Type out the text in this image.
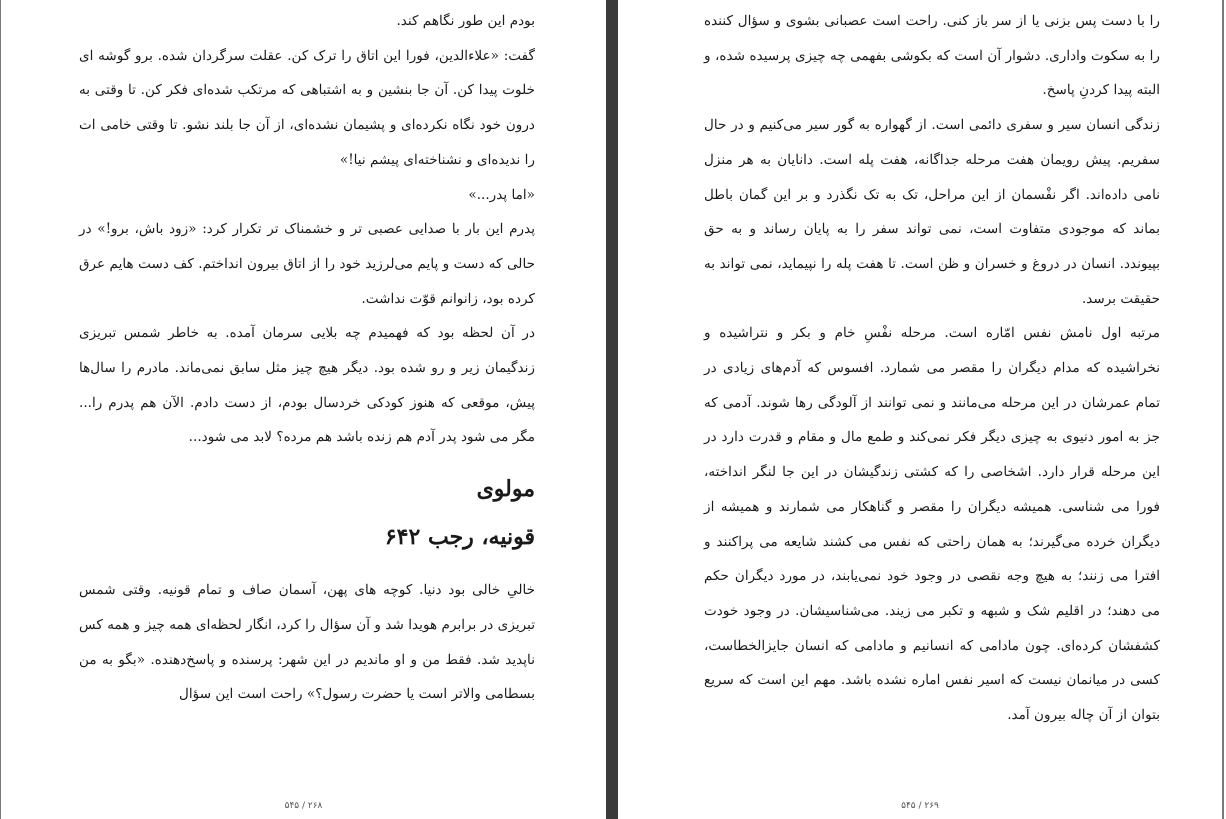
بودم این طور نگاهم کند.

گفت: «علاءالدین، فورا این اتاق را ترک کن. عقلت سرگردان شده. برو گوشه ای خلوت پیدا کن. آن جا بنشین و به اشتباهی که مرتکب شده‌ای فکر کن. تا وقتی به درون خود نگاه نکرده‌ای و پشیمان نشده‌ای، از آن جا بلند نشو. تا وقتی خامی ات را ندیده‌ای و نشناخته‌ای پیشم نیا!»

«اما پدر...»

پدرم این بار با صدایی عصبی تر و خشمناک تر تکرار کرد: «زود باش، برو!» در حالی که دست و پایم می‌لرزید خود را از اتاق بیرون انداختم. کف دست هایم عرق کرده بود، زانوانم قوّت نداشت.

در آن لحظه بود که فهمیدم چه بلایی سرمان آمده. به خاطر شمس تبریزی زندگیمان زیر و رو شده بود. دیگر هیچ چیز مثل سابق نمی‌ماند. مادرم را سال‌ها پیش، موقعی که هنوز کودکی خردسال بودم، از دست دادم. الآن هم پدرم را... مگر می شود پدر آدم هم زنده باشد هم مرده؟ لابد می شود...

مولوی
قونیه، رجب ۶۴۲

خالیِ خالی بود دنیا. کوچه‌ های پهن، آسمان صاف و تمام قونیه. وقتی شمس تبریزی در برابرم هویدا شد و آن سؤال را کرد، انگار لحظه‌ای همه چیز و همه کس ناپدید شد. فقط من و او ماندیم در این شهر: پرسنده و پاسخ‌دهنده. «بگو به من بسطامی والاتر است یا حضرت رسول؟» راحت است این سؤال

۵۴۵ / ۲۶۸

را با دست پس بزنی یا از سر باز کنی. راحت است عصبانی بشوی و سؤال کننده را به سکوت واداری. دشوار آن است که بکوشی بفهمی چه چیزی پرسیده شده، و البته پیدا کردنِ پاسخ.

زندگی انسان سیر و سفری دائمی است. از گهواره به گور سیر می‌کنیم و در حال سفریم. پیش رویمان هفت مرحله جداگانه، هفت پله است. دانایان به هر منزل نامی داده‌اند. اگر نفْسمان از این مراحل، تک به تک نگذرد و بر این گمان باطل بماند که موجودی متفاوت است، نمی تواند سفر را به پایان رساند و به حق بپیوندد. انسان در دروغ و خسران و ظن است. تا هفت پله را نپیماید، نمی تواند به حقیقت برسد.

مرتبه اول نامش نفس امّاره است. مرحله نفْسِ خام و بکر و نتراشیده و نخراشیده که مدام دیگران را مقصر می شمارد. افسوس که آدم‌های زیادی در تمام عمرشان در این مرحله می‌مانند و نمی توانند از آلودگی رها شوند. آدمی که جز به امور دنیوی به چیزی دیگر فکر نمی‌کند و طمع مال و مقام و قدرت دارد در این مرحله قرار دارد. اشخاصی را که کشتی زندگیشان در این جا لنگر انداخته، فورا می شناسی. همیشه دیگران را مقصر و گناهکار می شمارند و همیشه از دیگران خرده می‌گیرند؛ به همان راحتی که نفس می کشند شایعه می پراکنند و افترا می زنند؛ به هیچ وجه نقصی در وجود خود نمی‌یابند، در مورد دیگران حکم می دهند؛ در اقلیم شک و شبهه و تکبر می زیند. می‌شناسیشان. در وجود خودت کشفشان کرده‌ای. چون مادامی که انسانیم و مادامی که انسان جایزالخطاست، کسی در میانمان نیست که اسیر نفس اماره نشده باشد. مهم این است که سریع بتوان از آن چاله بیرون آمد.

۵۴۵ / ۲۶۹
